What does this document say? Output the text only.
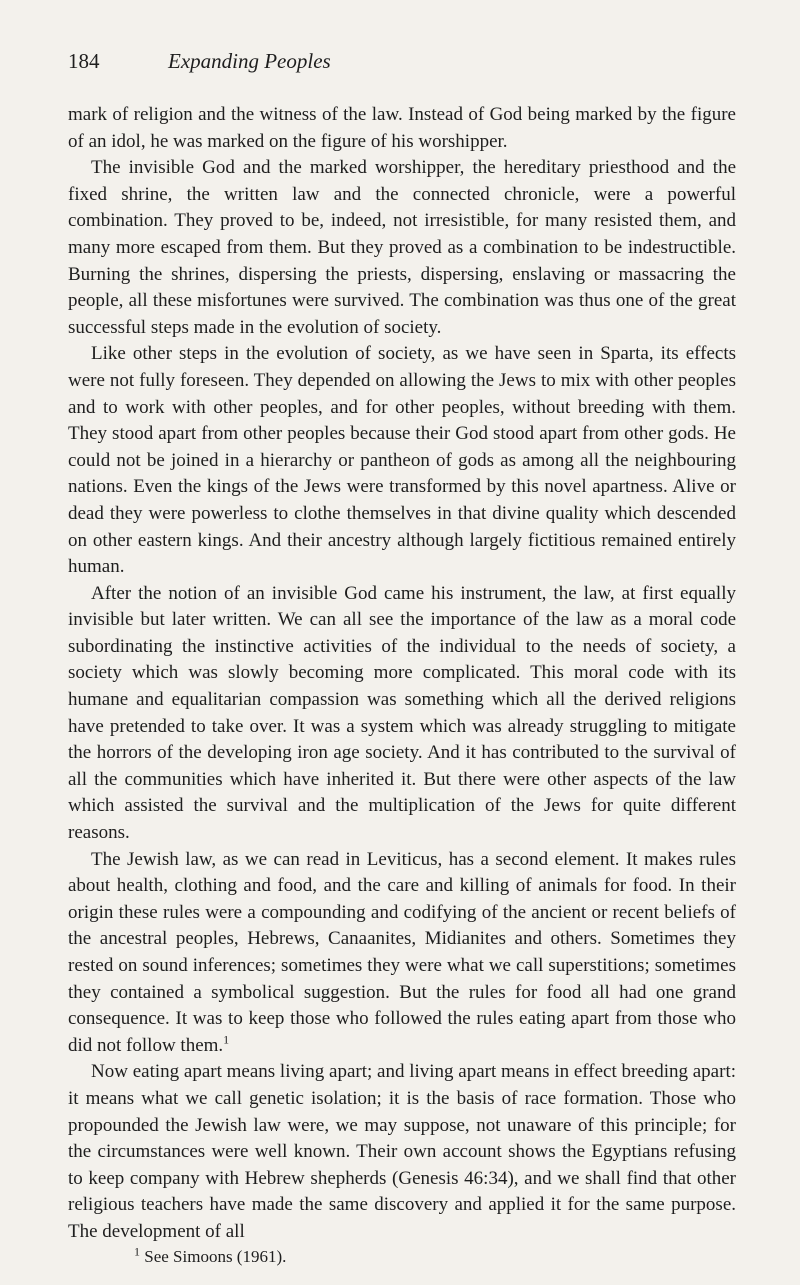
184	Expanding Peoples

mark of religion and the witness of the law. Instead of God being marked by the figure of an idol, he was marked on the figure of his worshipper.

The invisible God and the marked worshipper, the hereditary priesthood and the fixed shrine, the written law and the connected chronicle, were a powerful combination. They proved to be, indeed, not irresistible, for many resisted them, and many more escaped from them. But they proved as a combination to be indestructible. Burning the shrines, dispersing the priests, dispersing, enslaving or massacring the people, all these misfortunes were survived. The combination was thus one of the great successful steps made in the evolution of society.

Like other steps in the evolution of society, as we have seen in Sparta, its effects were not fully foreseen. They depended on allowing the Jews to mix with other peoples and to work with other peoples, and for other peoples, without breeding with them. They stood apart from other peoples because their God stood apart from other gods. He could not be joined in a hierarchy or pantheon of gods as among all the neighbouring nations. Even the kings of the Jews were transformed by this novel apartness. Alive or dead they were powerless to clothe themselves in that divine quality which descended on other eastern kings. And their ancestry although largely fictitious remained entirely human.

After the notion of an invisible God came his instrument, the law, at first equally invisible but later written. We can all see the importance of the law as a moral code subordinating the instinctive activities of the individual to the needs of society, a society which was slowly becoming more complicated. This moral code with its humane and equalitarian compassion was something which all the derived religions have pretended to take over. It was a system which was already struggling to mitigate the horrors of the developing iron age society. And it has contributed to the survival of all the communities which have inherited it. But there were other aspects of the law which assisted the survival and the multiplication of the Jews for quite different reasons.

The Jewish law, as we can read in Leviticus, has a second element. It makes rules about health, clothing and food, and the care and killing of animals for food. In their origin these rules were a compounding and codifying of the ancient or recent beliefs of the ancestral peoples, Hebrews, Canaanites, Midianites and others. Sometimes they rested on sound inferences; sometimes they were what we call superstitions; sometimes they contained a symbolical suggestion. But the rules for food all had one grand consequence. It was to keep those who followed the rules eating apart from those who did not follow them.$^1$

Now eating apart means living apart; and living apart means in effect breeding apart: it means what we call genetic isolation; it is the basis of race formation. Those who propounded the Jewish law were, we may suppose, not unaware of this principle; for the circumstances were well known. Their own account shows the Egyptians refusing to keep company with Hebrew shepherds (Genesis 46:34), and we shall find that other religious teachers have made the same discovery and applied it for the same purpose. The development of all

$^1$ See Simoons (1961).
